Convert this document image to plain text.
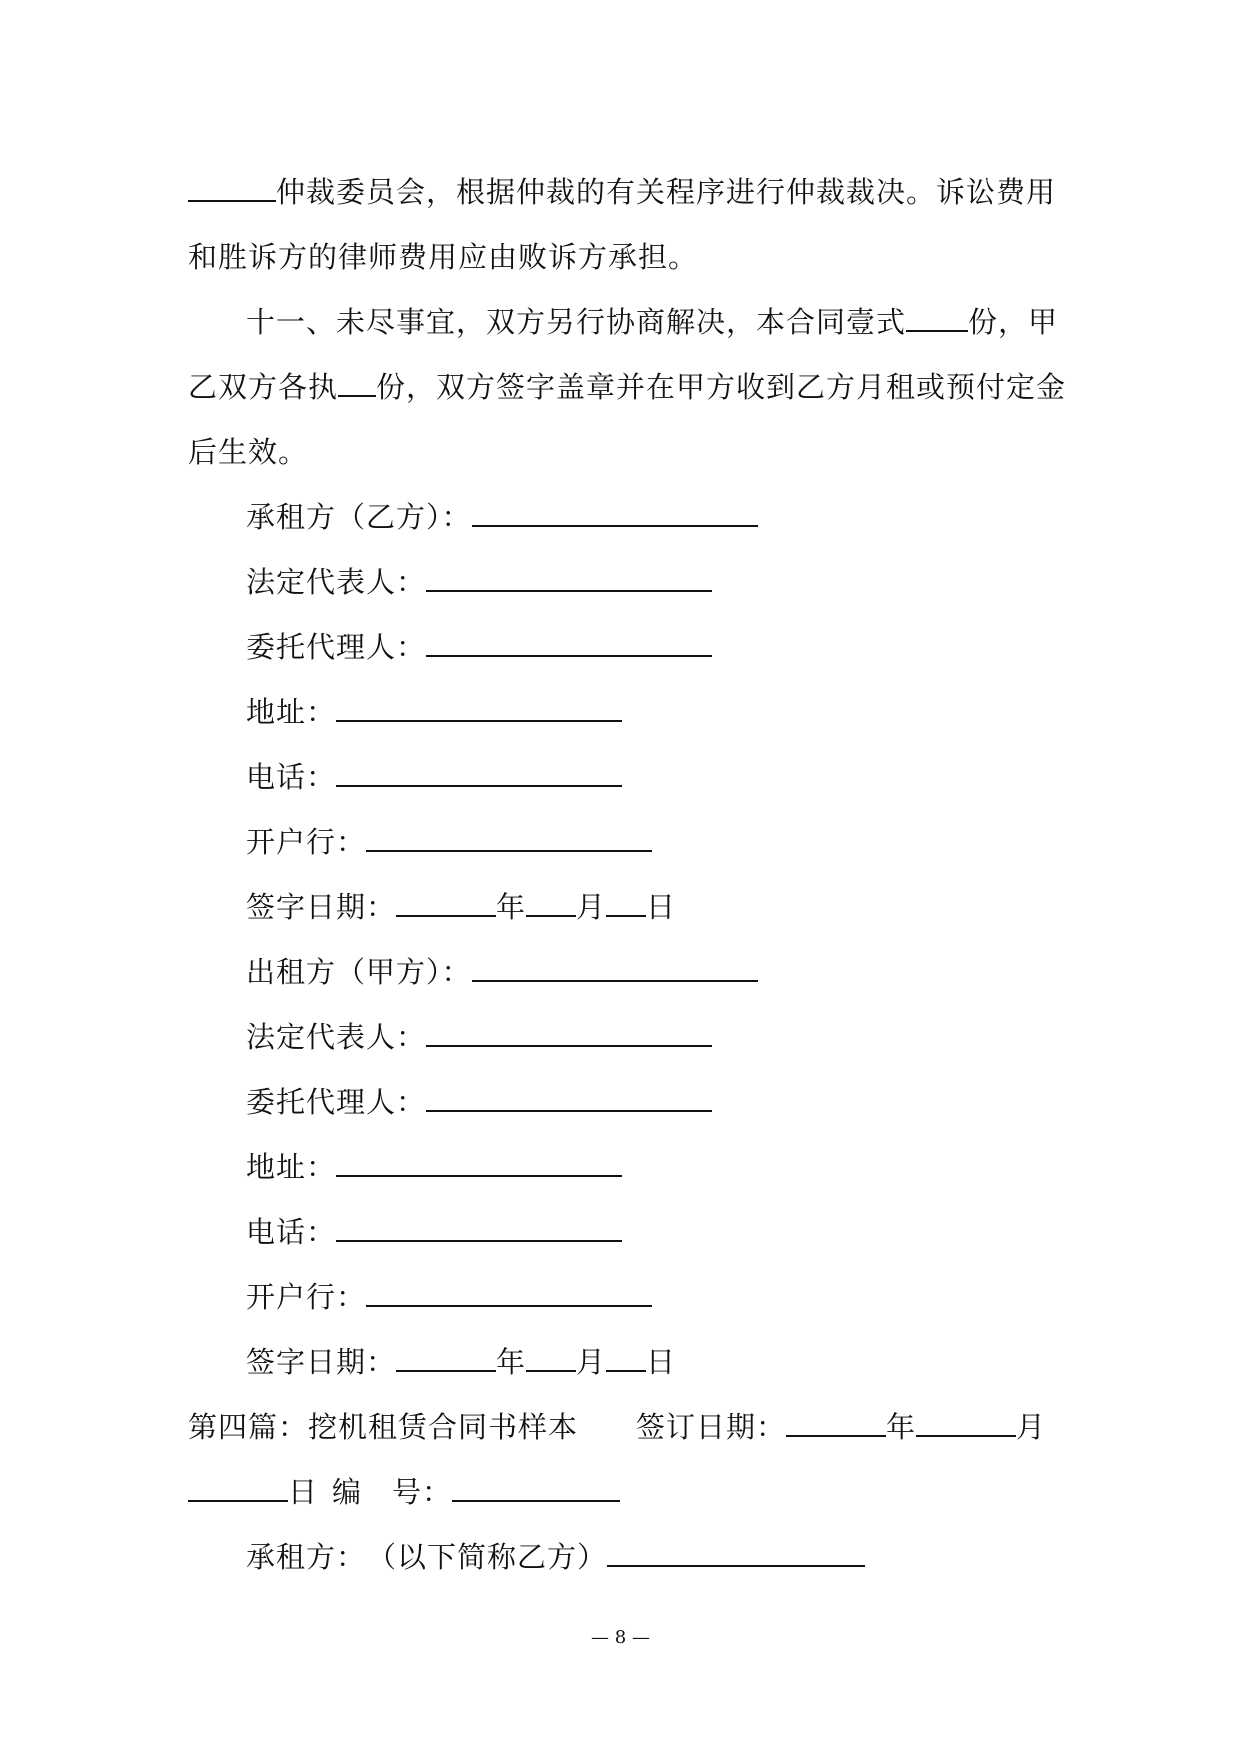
仲裁委员会，根据仲裁的有关程序进行仲裁裁决。诉讼费用
和胜诉方的律师费用应由败诉方承担。
十一、未尽事宜，双方另行协商解决，本合同壹式 份，甲
乙双方各执 份，双方签字盖章并在甲方收到乙方月租或预付定金
后生效。
承租方（乙方）：
法定代表人：
委托代理人：
地址：
电话：
开户行：
签字日期：	年 月 日
出租方（甲方）：
法定代表人：
委托代理人：
地址：
电话：
开户行：
签字日期：	年 月 日
第四篇：挖机租赁合同书样本 签订日期：	年	月
日 编　号：
承租方：　（以下简称乙方）
— 8 —
